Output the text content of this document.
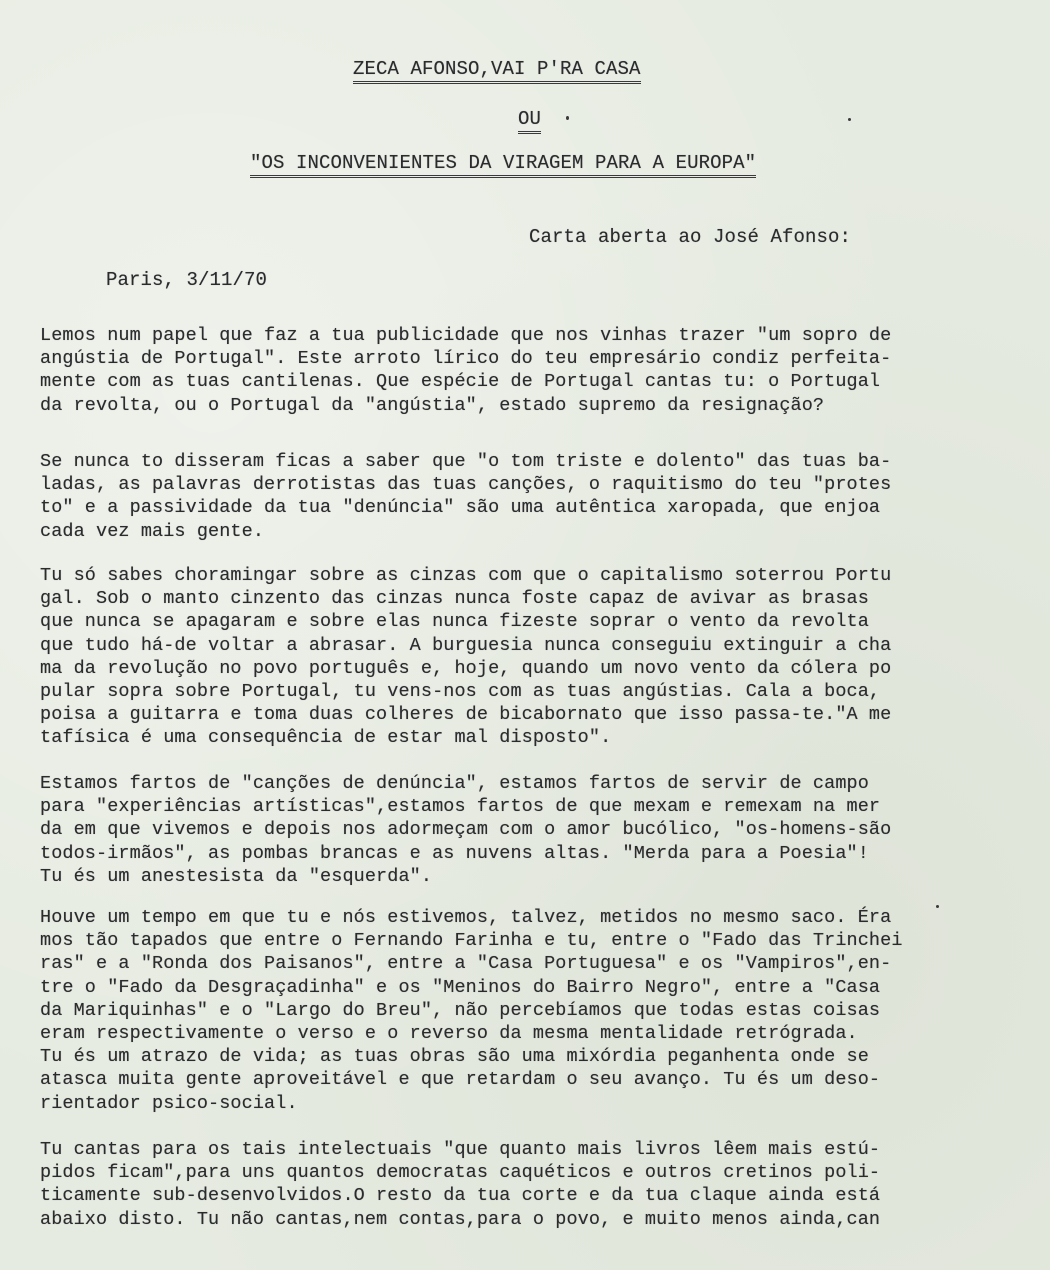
ZECA AFONSO,VAI P'RA CASA
OU
"OS INCONVENIENTES DA VIRAGEM PARA A EUROPA"
Carta aberta ao José Afonso:
Paris, 3/11/70
Lemos num papel que faz a tua publicidade que nos vinhas trazer "um sopro de
angústia de Portugal". Este arroto lírico do teu empresário condiz perfeita-
mente com as tuas cantilenas. Que espécie de Portugal cantas tu: o Portugal
da revolta, ou o Portugal da "angústia", estado supremo da resignação?
Se nunca to disseram ficas a saber que "o tom triste e dolento" das tuas ba-
ladas, as palavras derrotistas das tuas canções, o raquitismo do teu "protes
to" e a passividade da tua "denúncia" são uma autêntica xaropada, que enjoa
cada vez mais gente.
Tu só sabes choramingar sobre as cinzas com que o capitalismo soterrou Portu
gal. Sob o manto cinzento das cinzas nunca foste capaz de avivar as brasas
que nunca se apagaram e sobre elas nunca fizeste soprar o vento da revolta
que tudo há-de voltar a abrasar. A burguesia nunca conseguiu extinguir a cha
ma da revolução no povo português e, hoje, quando um novo vento da cólera po
pular sopra sobre Portugal, tu vens-nos com as tuas angústias. Cala a boca,
poisa a guitarra e toma duas colheres de bicabornato que isso passa-te."A me
tafísica é uma consequência de estar mal disposto".
Estamos fartos de "canções de denúncia", estamos fartos de servir de campo
para "experiências artísticas",estamos fartos de que mexam e remexam na mer
da em que vivemos e depois nos adormeçam com o amor bucólico, "os-homens-são
todos-irmãos", as pombas brancas e as nuvens altas. "Merda para a Poesia"!
Tu és um anestesista da "esquerda".
Houve um tempo em que tu e nós estivemos, talvez, metidos no mesmo saco. Éra
mos tão tapados que entre o Fernando Farinha e tu, entre o "Fado das Trinchei
ras" e a "Ronda dos Paisanos", entre a "Casa Portuguesa" e os "Vampiros",en-
tre o "Fado da Desgraçadinha" e os "Meninos do Bairro Negro", entre a "Casa
da Mariquinhas" e o "Largo do Breu", não percebíamos que todas estas coisas
eram respectivamente o verso e o reverso da mesma mentalidade retrógrada.
Tu és um atrazo de vida; as tuas obras são uma mixórdia peganhenta onde se
atasca muita gente aproveitável e que retardam o seu avanço. Tu és um deso-
rientador psico-social.
Tu cantas para os tais intelectuais "que quanto mais livros lêem mais estú-
pidos ficam",para uns quantos democratas caquéticos e outros cretinos poli-
ticamente sub-desenvolvidos.O resto da tua corte e da tua claque ainda está
abaixo disto. Tu não cantas,nem contas,para o povo, e muito menos ainda,can
